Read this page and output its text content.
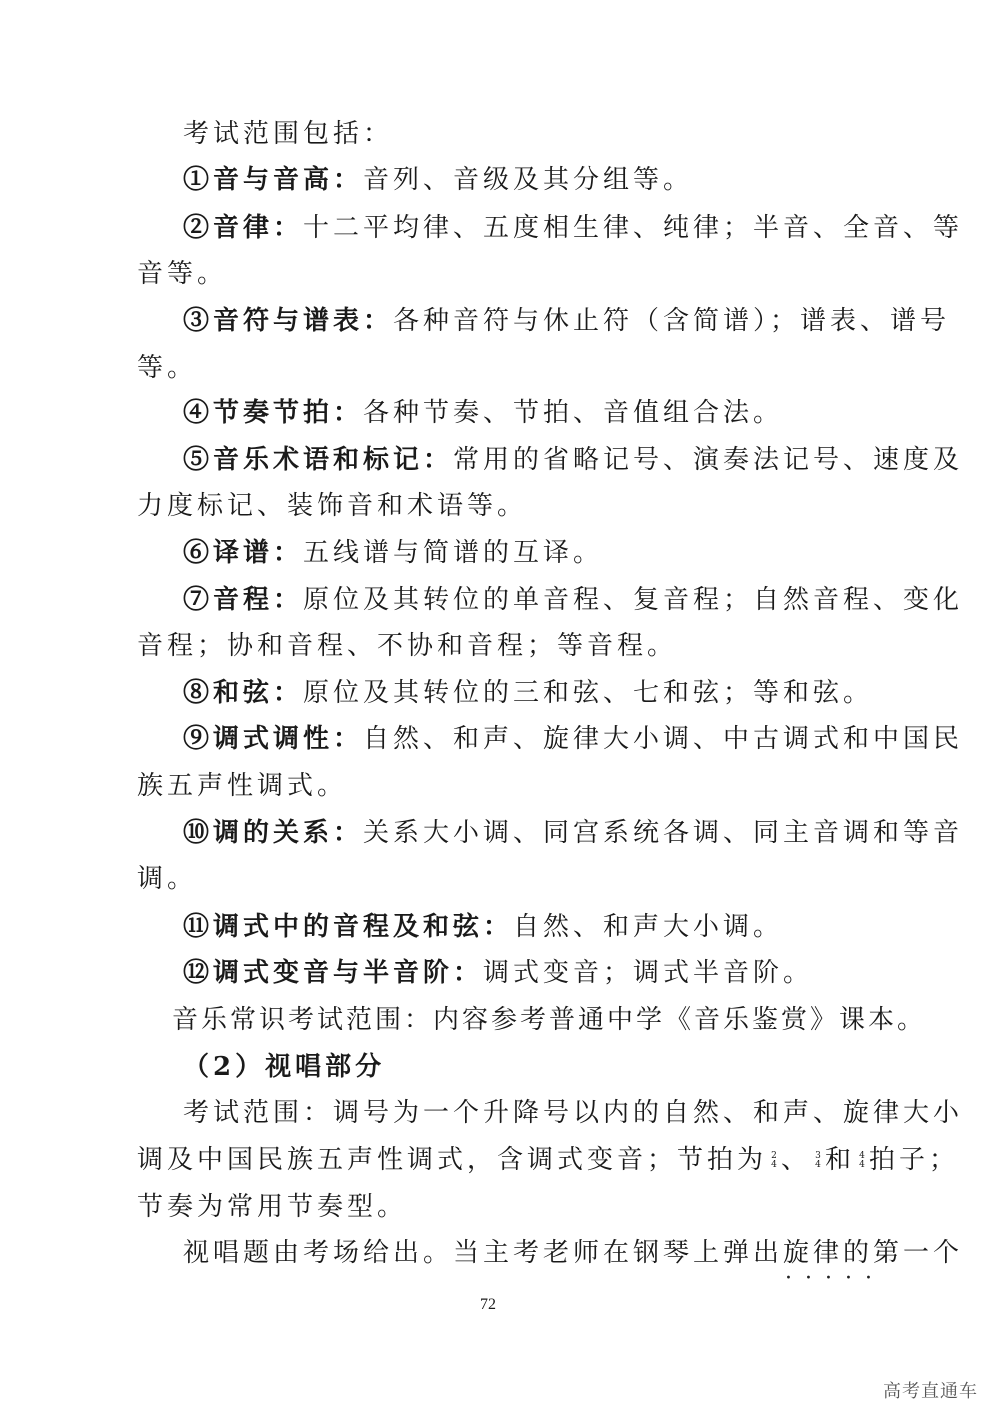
考试范围包括：
①音与音高：音列、音级及其分组等。
②音律：十二平均律、五度相生律、纯律；半音、全音、等
音等。
③音符与谱表：各种音符与休止符（含简谱）；谱表、谱号
等。
④节奏节拍：各种节奏、节拍、音值组合法。
⑤音乐术语和标记：常用的省略记号、演奏法记号、速度及
力度标记、装饰音和术语等。
⑥译谱：五线谱与简谱的互译。
⑦音程：原位及其转位的单音程、复音程；自然音程、变化
音程；协和音程、不协和音程；等音程。
⑧和弦：原位及其转位的三和弦、七和弦；等和弦。
⑨调式调性：自然、和声、旋律大小调、中古调式和中国民
族五声性调式。
⑩调的关系：关系大小调、同宫系统各调、同主音调和等音
调。
⑪调式中的音程及和弦：自然、和声大小调。
⑫调式变音与半音阶：调式变音；调式半音阶。
音乐常识考试范围：内容参考普通中学《音乐鉴赏》课本。
（2）视唱部分
考试范围：调号为一个升降号以内的自然、和声、旋律大小
调及中国民族五声性调式，含调式变音；节拍为 2
4 、 3
4 和 4
4 拍子；
节奏为常用节奏型。
视唱题由考场给出。当主考老师在钢琴上弹出旋律的第一个 · · ·
72
高考直通车
